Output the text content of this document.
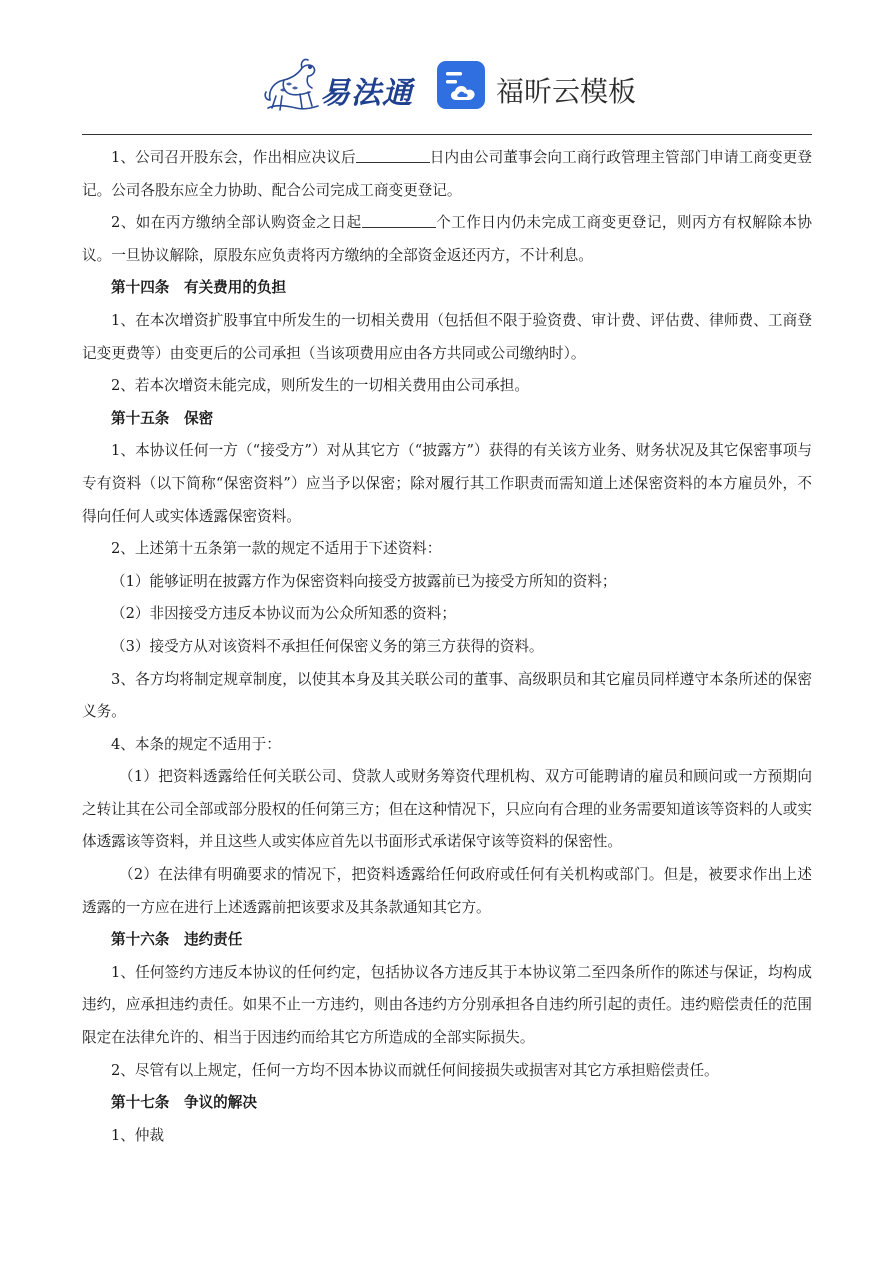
易法通	福昕云模板

1、公司召开股东会，作出相应决议后	日内由公司董事会向工商行政管理主管部门申请工商变更登记。公司各股东应全力协助、配合公司完成工商变更登记。

2、如在丙方缴纳全部认购资金之日起	个工作日内仍未完成工商变更登记，则丙方有权解除本协议。一旦协议解除，原股东应负责将丙方缴纳的全部资金返还丙方，不计利息。

第十四条　有关费用的负担

1、在本次增资扩股事宜中所发生的一切相关费用（包括但不限于验资费、审计费、评估费、律师费、工商登记变更费等）由变更后的公司承担（当该项费用应由各方共同或公司缴纳时）。

2、若本次增资未能完成，则所发生的一切相关费用由公司承担。

第十五条　保密

1、本协议任何一方（“接受方”）对从其它方（“披露方”）获得的有关该方业务、财务状况及其它保密事项与专有资料（以下简称“保密资料”）应当予以保密；除对履行其工作职责而需知道上述保密资料的本方雇员外，不得向任何人或实体透露保密资料。

2、上述第十五条第一款的规定不适用于下述资料：

（1）能够证明在披露方作为保密资料向接受方披露前已为接受方所知的资料；

（2）非因接受方违反本协议而为公众所知悉的资料；

（3）接受方从对该资料不承担任何保密义务的第三方获得的资料。

3、各方均将制定规章制度，以使其本身及其关联公司的董事、高级职员和其它雇员同样遵守本条所述的保密义务。

4、本条的规定不适用于：

（1）把资料透露给任何关联公司、贷款人或财务筹资代理机构、双方可能聘请的雇员和顾问或一方预期向之转让其在公司全部或部分股权的任何第三方；但在这种情况下，只应向有合理的业务需要知道该等资料的人或实体透露该等资料，并且这些人或实体应首先以书面形式承诺保守该等资料的保密性。

（2）在法律有明确要求的情况下，把资料透露给任何政府或任何有关机构或部门。但是，被要求作出上述透露的一方应在进行上述透露前把该要求及其条款通知其它方。

第十六条　违约责任

1、任何签约方违反本协议的任何约定，包括协议各方违反其于本协议第二至四条所作的陈述与保证，均构成违约，应承担违约责任。如果不止一方违约，则由各违约方分别承担各自违约所引起的责任。违约赔偿责任的范围限定在法律允许的、相当于因违约而给其它方所造成的全部实际损失。

2、尽管有以上规定，任何一方均不因本协议而就任何间接损失或损害对其它方承担赔偿责任。

第十七条　争议的解决

1、仲裁
